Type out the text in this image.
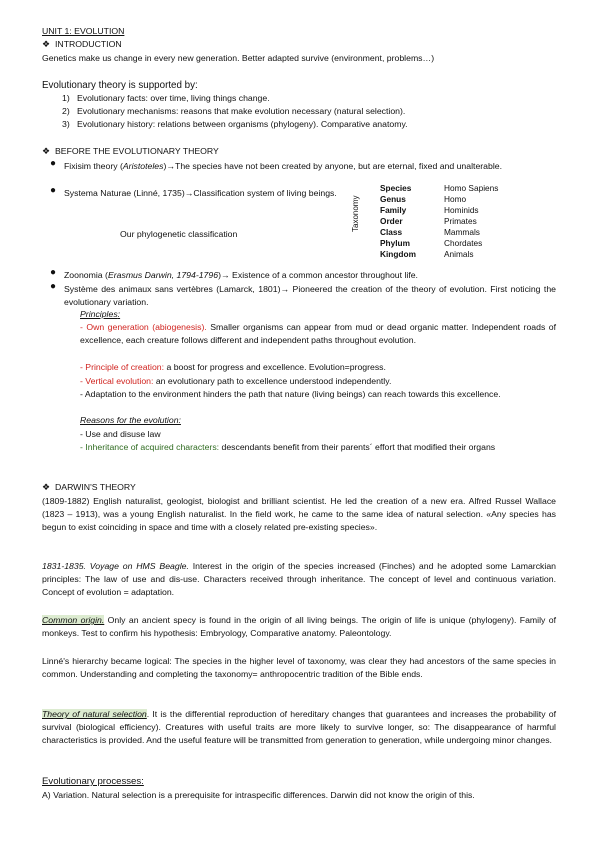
UNIT 1: EVOLUTION
❖ INTRODUCTION
Genetics make us change in every new generation. Better adapted survive (environment, problems…)
Evolutionary theory is supported by:
1)   Evolutionary facts: over time, living things change.
2)   Evolutionary mechanisms: reasons that make evolution necessary (natural selection).
3)   Evolutionary history: relations between organisms (phylogeny). Comparative anatomy.
❖ BEFORE THE EVOLUTIONARY THEORY
● Fixisim theory (Aristoteles)→The species have not been created by anyone, but are eternal, fixed and unalterable.
● Systema Naturae (Linné, 1735)→Classification system of living beings.
Our phylogenetic classification
Taxonomy
Species	Homo Sapiens
Genus	Homo
Family	Hominids
Order	Primates
Class	Mammals
Phylum	Chordates
Kingdom	Animals
● Zoonomia (Erasmus Darwin, 1794-1796)→ Existence of a common ancestor throughout life.
● Système des animaux sans vertèbres (Lamarck, 1801)→ Pioneered the creation of the theory of evolution. First noticing the evolutionary variation.
Principles:
- Own generation (abiogenesis). Smaller organisms can appear from mud or dead organic matter. Independent roads of excellence, each creature follows different and independent paths throughout evolution.
- Principle of creation: a boost for progress and excellence. Evolution=progress.
- Vertical evolution: an evolutionary path to excellence understood independently.
- Adaptation to the environment hinders the path that nature (living beings) can reach towards this excellence.
Reasons for the evolution:
- Use and disuse law
- Inheritance of acquired characters: descendants benefit from their parents´ effort that modified their organs
❖ DARWIN'S THEORY
(1809-1882) English naturalist, geologist, biologist and brilliant scientist. He led the creation of a new era. Alfred Russel Wallace (1823 – 1913), was a young English naturalist. In the field work, he came to the same idea of natural selection. «Any species has begun to exist coinciding in space and time with a closely related pre-existing species».
1831-1835. Voyage on HMS Beagle. Interest in the origin of the species increased (Finches) and he adopted some Lamarckian principles: The law of use and dis-use. Characters received through inheritance. The concept of level and continuous variation. Concept of evolution = adaptation.
Common origin. Only an ancient specy is found in the origin of all living beings. The origin of life is unique (phylogeny). Family of monkeys. Test to confirm his hypothesis: Embryology, Comparative anatomy. Paleontology.
Linné's hierarchy became logical: The species in the higher level of taxonomy, was clear they had ancestors of the same species in common. Understanding and completing the taxonomy= anthropocentric tradition of the Bible ends.
Theory of natural selection. It is the differential reproduction of hereditary changes that guarantees and increases the probability of survival (biological efficiency). Creatures with useful traits are more likely to survive longer, so: The disappearance of harmful characteristics is provided. And the useful feature will be transmitted from generation to generation, while undergoing minor changes.
Evolutionary processes:
A) Variation. Natural selection is a prerequisite for intraspecific differences. Darwin did not know the origin of this.
